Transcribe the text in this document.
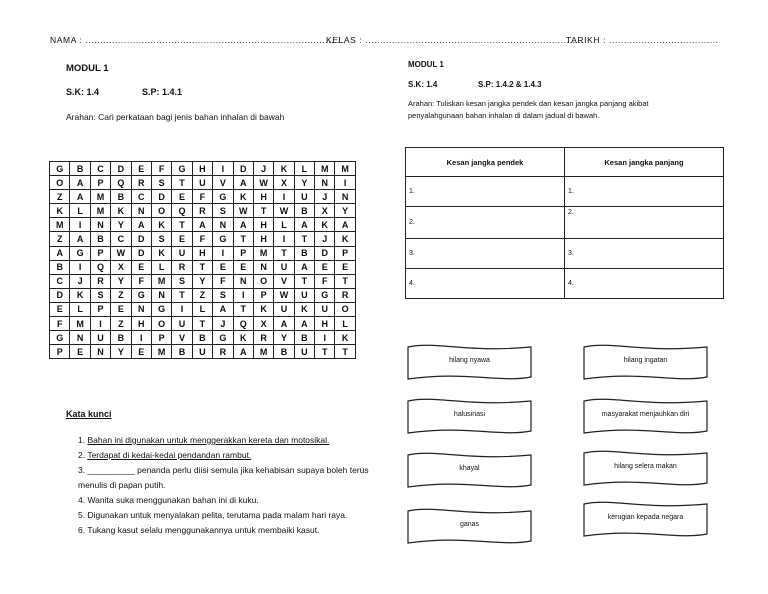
NAMA : ........................................................................................
KELAS : ..........................................................................
TARIKH : .....................................
MODUL 1
S.K: 1.4	S.P: 1.4.1
Arahan: Cari perkataan bagi jenis bahan inhalan di bawah
G	B	C	D	E	F	G	H	I	D	J	K	L	M	M
O	A	P	Q	R	S	T	U	V	A	W	X	Y	N	I
Z	A	M	B	C	D	E	F	G	K	H	I	U	J	N
K	L	M	K	N	O	Q	R	S	W	T	W	B	X	Y
M	I	N	Y	A	K	T	A	N	A	H	L	A	K	A
Z	A	B	C	D	S	E	F	G	T	H	I	T	J	K
A	G	P	W	D	K	U	H	I	P	M	T	B	D	P
B	I	Q	X	E	L	R	T	E	E	N	U	A	E	E
C	J	R	Y	F	M	S	Y	F	N	O	V	T	F	T
D	K	S	Z	G	N	T	Z	S	I	P	W	U	G	R
E	L	P	E	N	G	I	L	A	T	K	U	K	U	O
F	M	I	Z	H	O	U	T	J	Q	X	A	A	H	L
G	N	U	B	I	P	V	B	G	K	R	Y	B	I	K
P	E	N	Y	E	M	B	U	R	A	M	B	U	T	T
Kata kunci
1. Bahan ini digunakan untuk menggerakkan kereta dan motosikal.
2. Terdapat di kedai-kedai pendandan rambut.
3. __________ penanda perlu diisi semula jika kehabisan supaya boleh terus menulis di papan putih.
4. Wanita suka menggunakan bahan ini di kuku.
5. Digunakan untuk menyalakan pelita, terutama pada malam hari raya.
6. Tukang kasut selalu menggunakannya untuk membaiki kasut.
MODUL 1
S.K: 1.4	S.P: 1.4.2 & 1.4.3
Arahan: Tuliskan kesan jangka pendek dan kesan jangka panjang akibat penyalahgunaan bahan inhalan di dalam jadual di bawah.
Kesan jangka pendek	Kesan jangka panjang
1.	1.
2.	2.
3.	3.
4.	4.
hilang nyawa	hilang ingatan
halusinasi	masyarakat menjauhkan diri
khayal	hilang selera makan
ganas
kerugian kepada negara
